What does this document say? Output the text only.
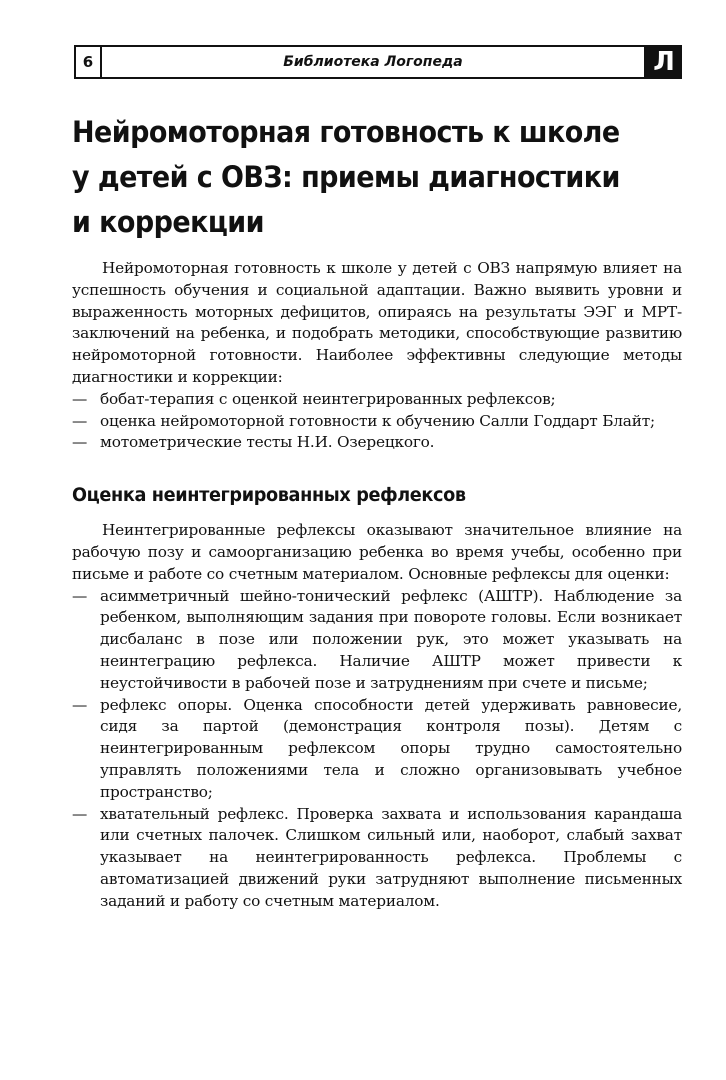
6	Библиотека Логопеда	Л
Нейромоторная готовность к школе у детей с ОВЗ: приемы диагностики и коррекции

Нейромоторная готовность к школе у детей с ОВЗ напрямую влияет на успешность обучения и социальной адаптации. Важно выявить уровни и выраженность моторных дефицитов, опираясь на результаты ЭЭГ и МРТ-заключений на ребенка, и подобрать методики, способствующие развитию нейромоторной готовности. Наиболее эффективны следующие методы диагностики и коррекции:

— бобат-терапия с оценкой неинтегрированных рефлексов;
— оценка нейромоторной готовности к обучению Салли Годдарт Блайт;
— мотометрические тесты Н.И. Озерецкого.
Оценка неинтегрированных рефлексов

Неинтегрированные рефлексы оказывают значительное влияние на рабочую позу и самоорганизацию ребенка во время учебы, особенно при письме и работе со счетным материалом. Основные рефлексы для оценки:

— асимметричный шейно-тонический рефлекс (АШТР). Наблюдение за ребенком, выполняющим задания при повороте головы. Если возникает дисбаланс в позе или положении рук, это может указывать на неинтеграцию рефлекса. Наличие АШТР может привести к неустойчивости в рабочей позе и затруднениям при счете и письме;
— рефлекс опоры. Оценка способности детей удерживать равновесие, сидя за партой (демонстрация контроля позы). Детям с неинтегрированным рефлексом опоры трудно самостоятельно управлять положениями тела и сложно организовывать учебное пространство;
— хватательный рефлекс. Проверка захвата и использования карандаша или счетных палочек. Слишком сильный или, наоборот, слабый захват указывает на неинтегрированность рефлекса. Проблемы с автоматизацией движений руки затрудняют выполнение письменных заданий и работу со счетным материалом.
